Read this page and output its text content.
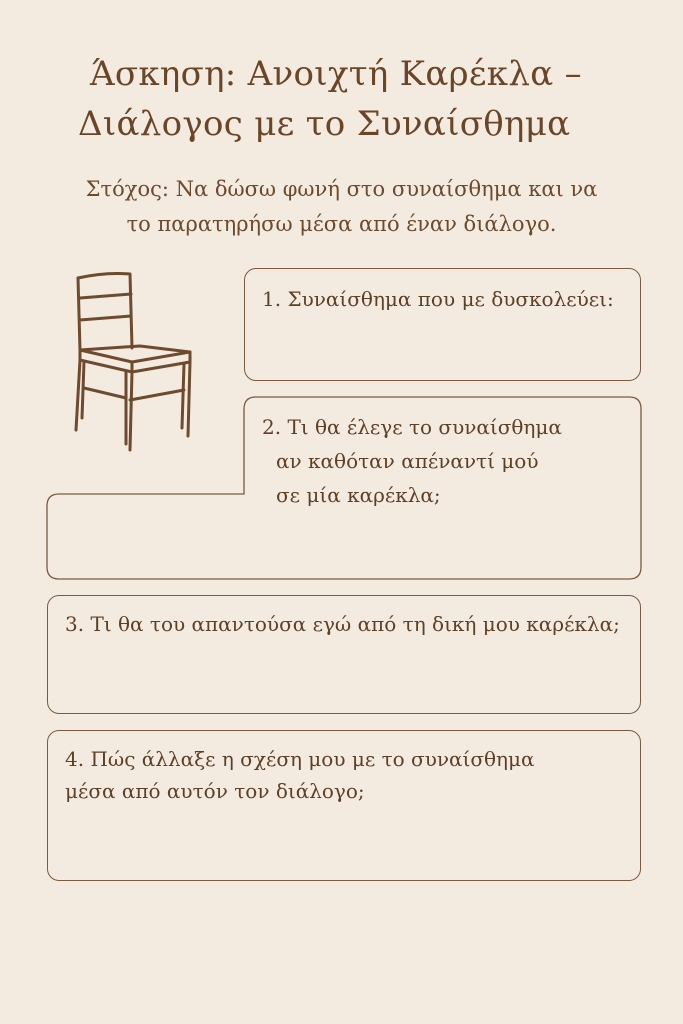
Άσκηση: Ανοιχτή Καρέκλα –
Διάλογος με το Συναίσθημα

Στόχος: Να δώσω φωνή στο συναίσθημα και να

το παρατηρήσω μέσα από έναν διάλογο.

1. Συναίσθημα που με δυσκολεύει:
2. Τι θα έλεγε το συναίσθημα
αν καθόταν απέναντί μού
σε μία καρέκλα;
3. Τι θα του απαντούσα εγώ από τη δική μου καρέκλα;
4. Πώς άλλαξε η σχέση μου με το συναίσθημα
μέσα από αυτόν τον διάλογο;
